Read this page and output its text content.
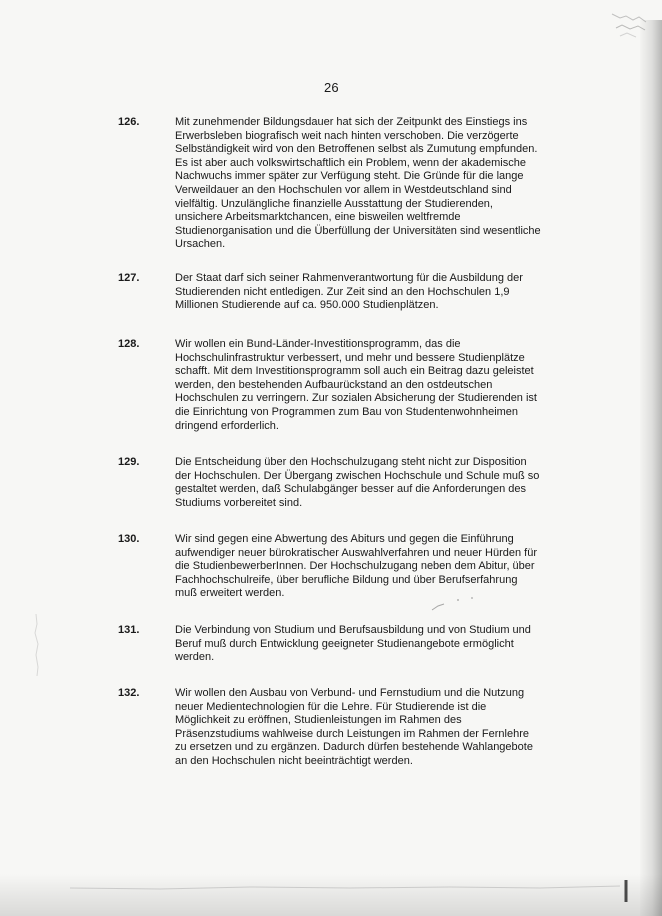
26
126.	Mit zunehmender Bildungsdauer hat sich der Zeitpunkt des Einstiegs ins
Erwerbsleben biografisch weit nach hinten verschoben. Die verzögerte
Selbständigkeit wird von den Betroffenen selbst als Zumutung empfunden.
Es ist aber auch volkswirtschaftlich ein Problem, wenn der akademische
Nachwuchs immer später zur Verfügung steht. Die Gründe für die lange
Verweildauer an den Hochschulen vor allem in Westdeutschland sind
vielfältig. Unzulängliche finanzielle Ausstattung der Studierenden,
unsichere Arbeitsmarktchancen, eine bisweilen weltfremde
Studienorganisation und die Überfüllung der Universitäten sind wesentliche
Ursachen.
127.	Der Staat darf sich seiner Rahmenverantwortung für die Ausbildung der
Studierenden nicht entledigen. Zur Zeit sind an den Hochschulen 1,9
Millionen Studierende auf ca. 950.000 Studienplätzen.
128.	Wir wollen ein Bund-Länder-Investitionsprogramm, das die
Hochschulinfrastruktur verbessert, und mehr und bessere Studienplätze
schafft. Mit dem Investitionsprogramm soll auch ein Beitrag dazu geleistet
werden, den bestehenden Aufbaurückstand an den ostdeutschen
Hochschulen zu verringern. Zur sozialen Absicherung der Studierenden ist
die Einrichtung von Programmen zum Bau von Studentenwohnheimen
dringend erforderlich.
129.	Die Entscheidung über den Hochschulzugang steht nicht zur Disposition
der Hochschulen. Der Übergang zwischen Hochschule und Schule muß so
gestaltet werden, daß Schulabgänger besser auf die Anforderungen des
Studiums vorbereitet sind.
130.	Wir sind gegen eine Abwertung des Abiturs und gegen die Einführung
aufwendiger neuer bürokratischer Auswahlverfahren und neuer Hürden für
die StudienbewerberInnen. Der Hochschulzugang neben dem Abitur, über
Fachhochschulreife, über berufliche Bildung und über Berufserfahrung
muß erweitert werden.
131.	Die Verbindung von Studium und Berufsausbildung und von Studium und
Beruf muß durch Entwicklung geeigneter Studienangebote ermöglicht
werden.
132.	Wir wollen den Ausbau von Verbund- und Fernstudium und die Nutzung
neuer Medientechnologien für die Lehre. Für Studierende ist die
Möglichkeit zu eröffnen, Studienleistungen im Rahmen des
Präsenzstudiums wahlweise durch Leistungen im Rahmen der Fernlehre
zu ersetzen und zu ergänzen. Dadurch dürfen bestehende Wahlangebote
an den Hochschulen nicht beeinträchtigt werden.
